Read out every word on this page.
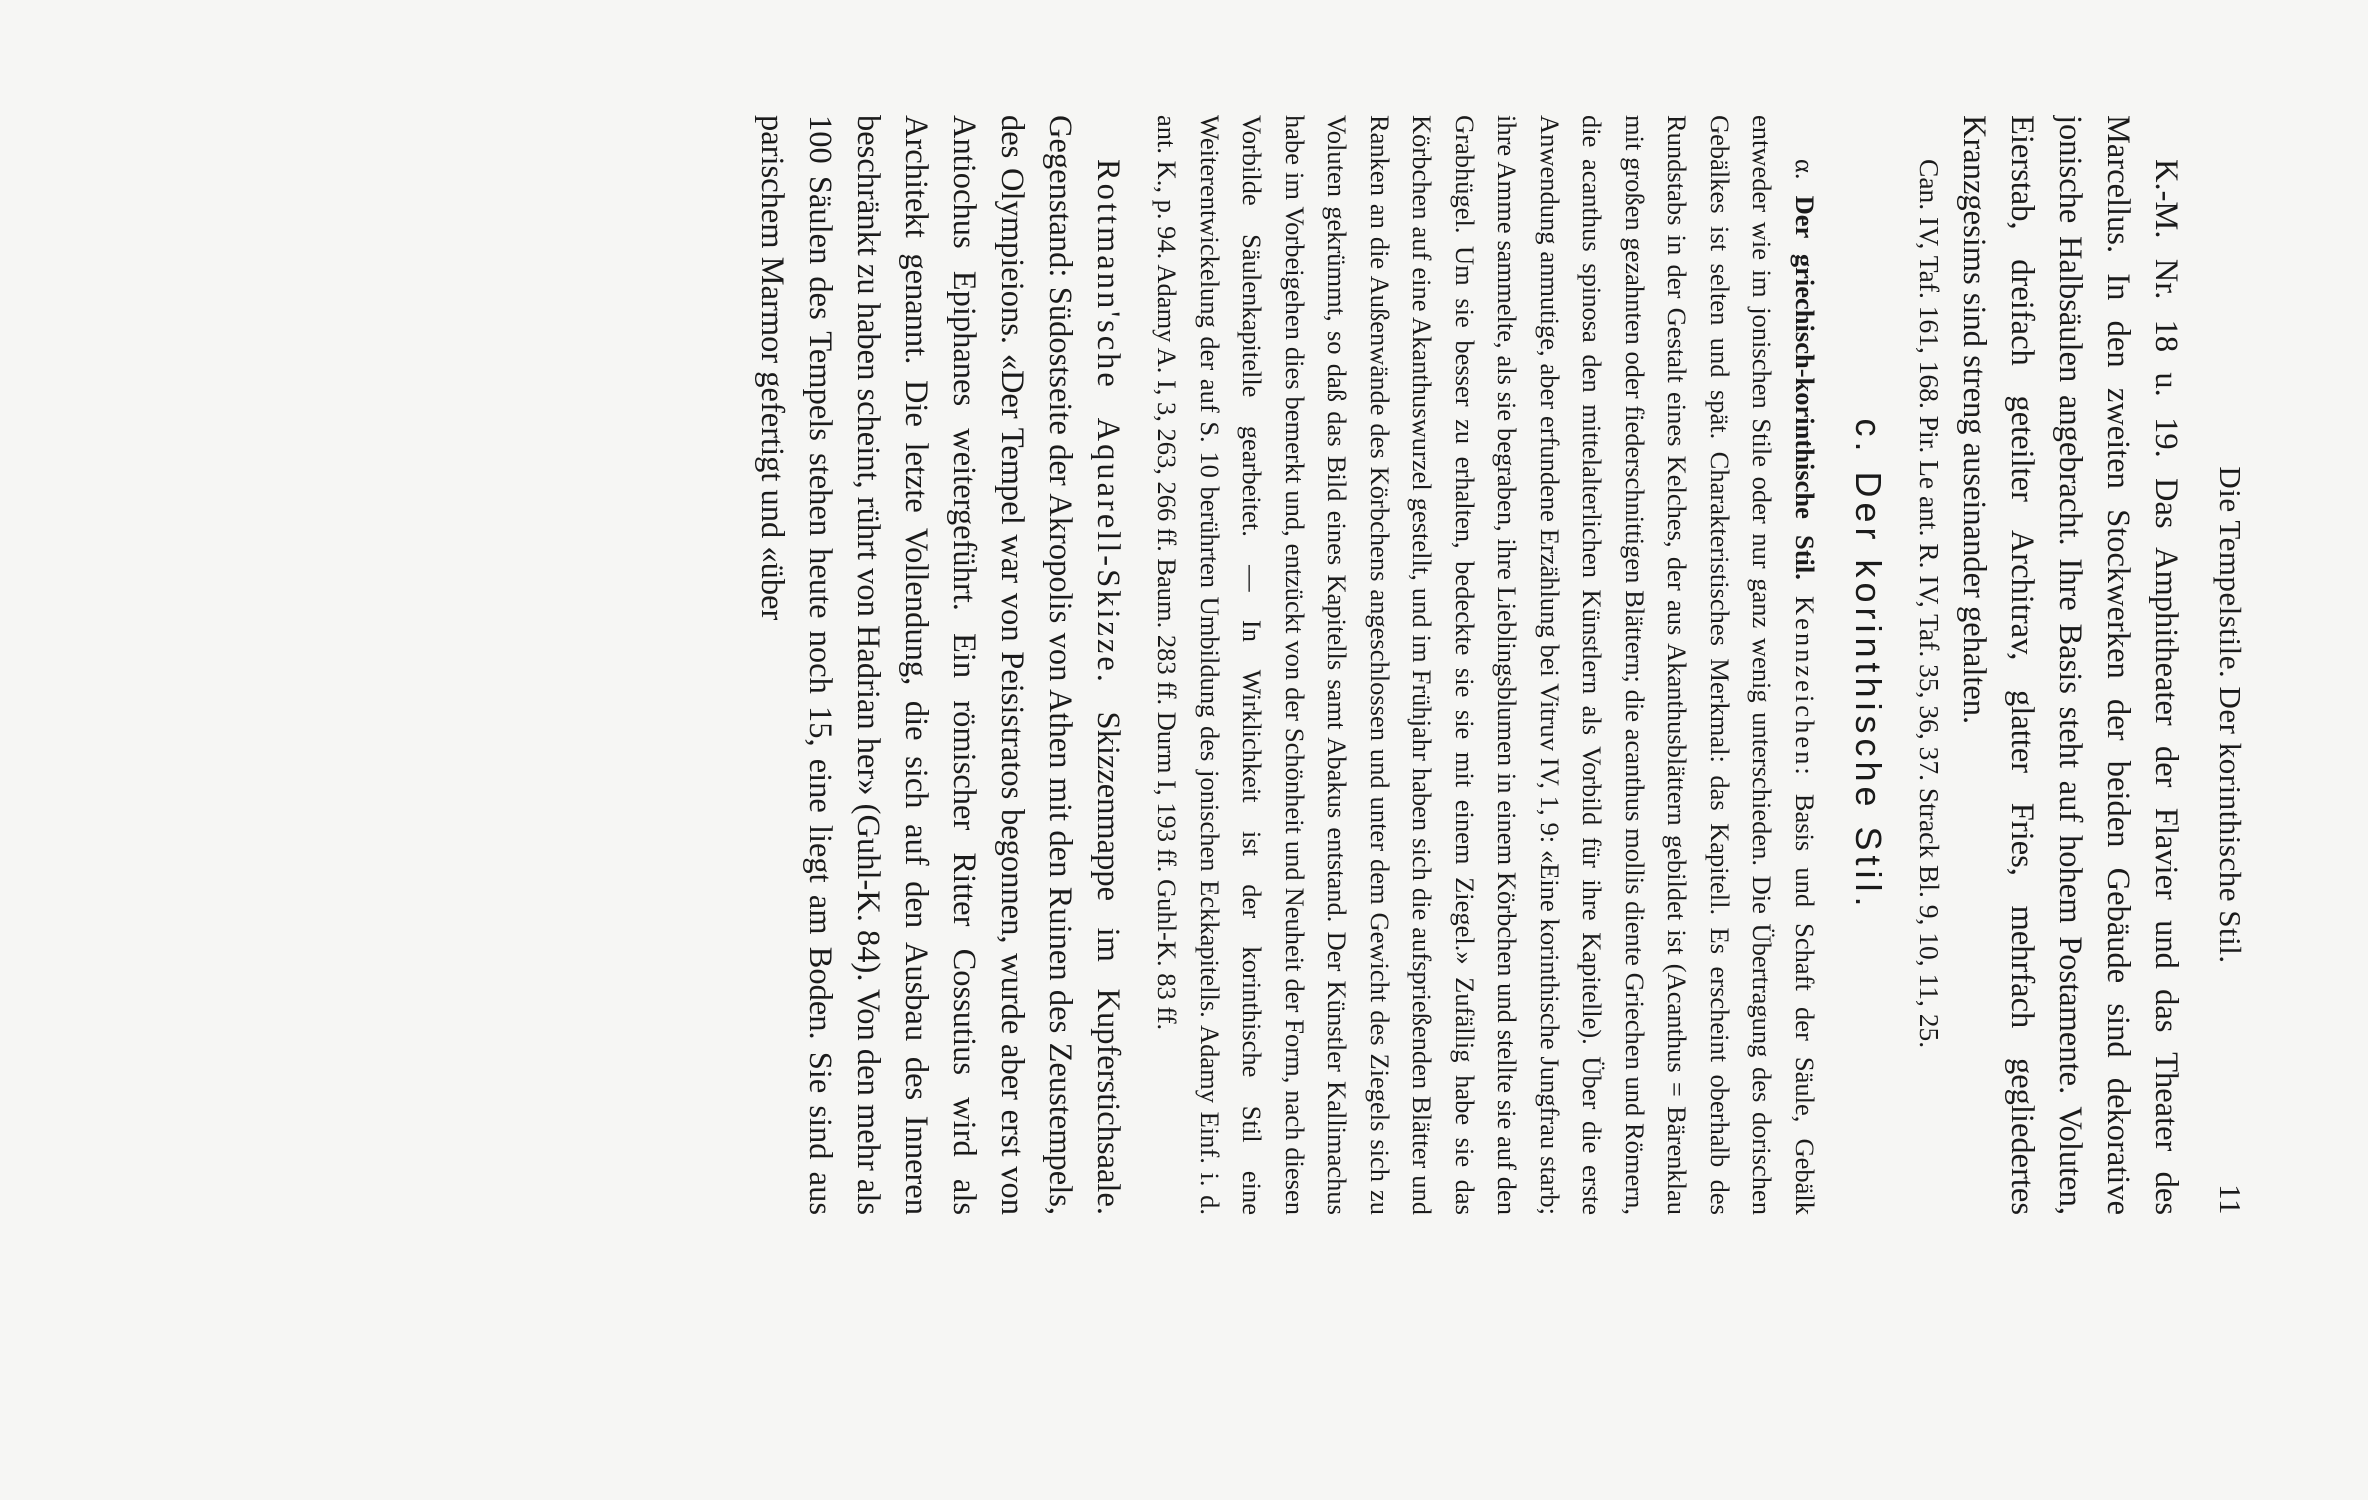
Die Tempelstile. Der korinthische Stil.
11

K.-M. Nr. 18 u. 19. Das Amphitheater der Flavier und das Theater des Marcellus. In den zweiten Stockwerken der beiden Gebäude sind dekorative jonische Halbsäulen angebracht. Ihre Basis steht auf hohem Postamente. Voluten, Eierstab, dreifach geteilter Architrav, glatter Fries, mehrfach gegliedertes Kranzgesims sind streng auseinander gehalten.

Can. IV, Taf. 161, 168. Pir. Le ant. R. IV, Taf. 35, 36, 37. Strack Bl. 9, 10, 11, 25.

c. Der korinthische Stil.

α. Der griechisch-korinthische Stil. Kennzeichen: Basis und Schaft der Säule, Gebälk entweder wie im jonischen Stile oder nur ganz wenig unterschieden. Die Übertragung des dorischen Gebälkes ist selten und spät. Charakteristisches Merkmal: das Kapitell. Es erscheint oberhalb des Rundstabs in der Gestalt eines Kelches, der aus Akanthusblättern gebildet ist (Acanthus = Bärenklau mit großen gezahnten oder fiederschnittigen Blättern; die acanthus mollis diente Griechen und Römern, die acanthus spinosa den mittelalterlichen Künstlern als Vorbild für ihre Kapitelle). Über die erste Anwendung anmutige, aber erfundene Erzählung bei Vitruv IV, 1, 9: «Eine korinthische Jungfrau starb; ihre Amme sammelte, als sie begraben, ihre Lieblingsblumen in einem Körbchen und stellte sie auf den Grabhügel. Um sie besser zu erhalten, bedeckte sie sie mit einem Ziegel.» Zufällig habe sie das Körbchen auf eine Akanthuswurzel gestellt, und im Frühjahr haben sich die aufsprießenden Blätter und Ranken an die Außenwände des Körbchens angeschlossen und unter dem Gewicht des Ziegels sich zu Voluten gekrümmt, so daß das Bild eines Kapitells samt Abakus entstand. Der Künstler Kallimachus habe im Vorbeigehen dies bemerkt und, entzückt von der Schönheit und Neuheit der Form, nach diesen Vorbilde Säulenkapitelle gearbeitet. — In Wirklichkeit ist der korinthische Stil eine Weiterentwickelung der auf S. 10 berührten Umbildung des jonischen Eckkapitells. Adamy Einf. i. d. ant. K., p. 94. Adamy A. I, 3, 263, 266 ff. Baum. 283 ff. Durm I, 193 ff. Guhl-K. 83 ff.

Rottmann'sche Aquarell-Skizze. Skizzenmappe im Kupferstichsaale. Gegenstand: Südostseite der Akropolis von Athen mit den Ruinen des Zeustempels, des Olympieions. «Der Tempel war von Peisistratos begonnen, wurde aber erst von Antiochus Epiphanes weitergeführt. Ein römischer Ritter Cossutius wird als Architekt genannt. Die letzte Vollendung, die sich auf den Ausbau des Inneren beschränkt zu haben scheint, rührt von Hadrian her» (Guhl-K. 84). Von den mehr als 100 Säulen des Tempels stehen heute noch 15, eine liegt am Boden. Sie sind aus parischem Marmor gefertigt und «über
